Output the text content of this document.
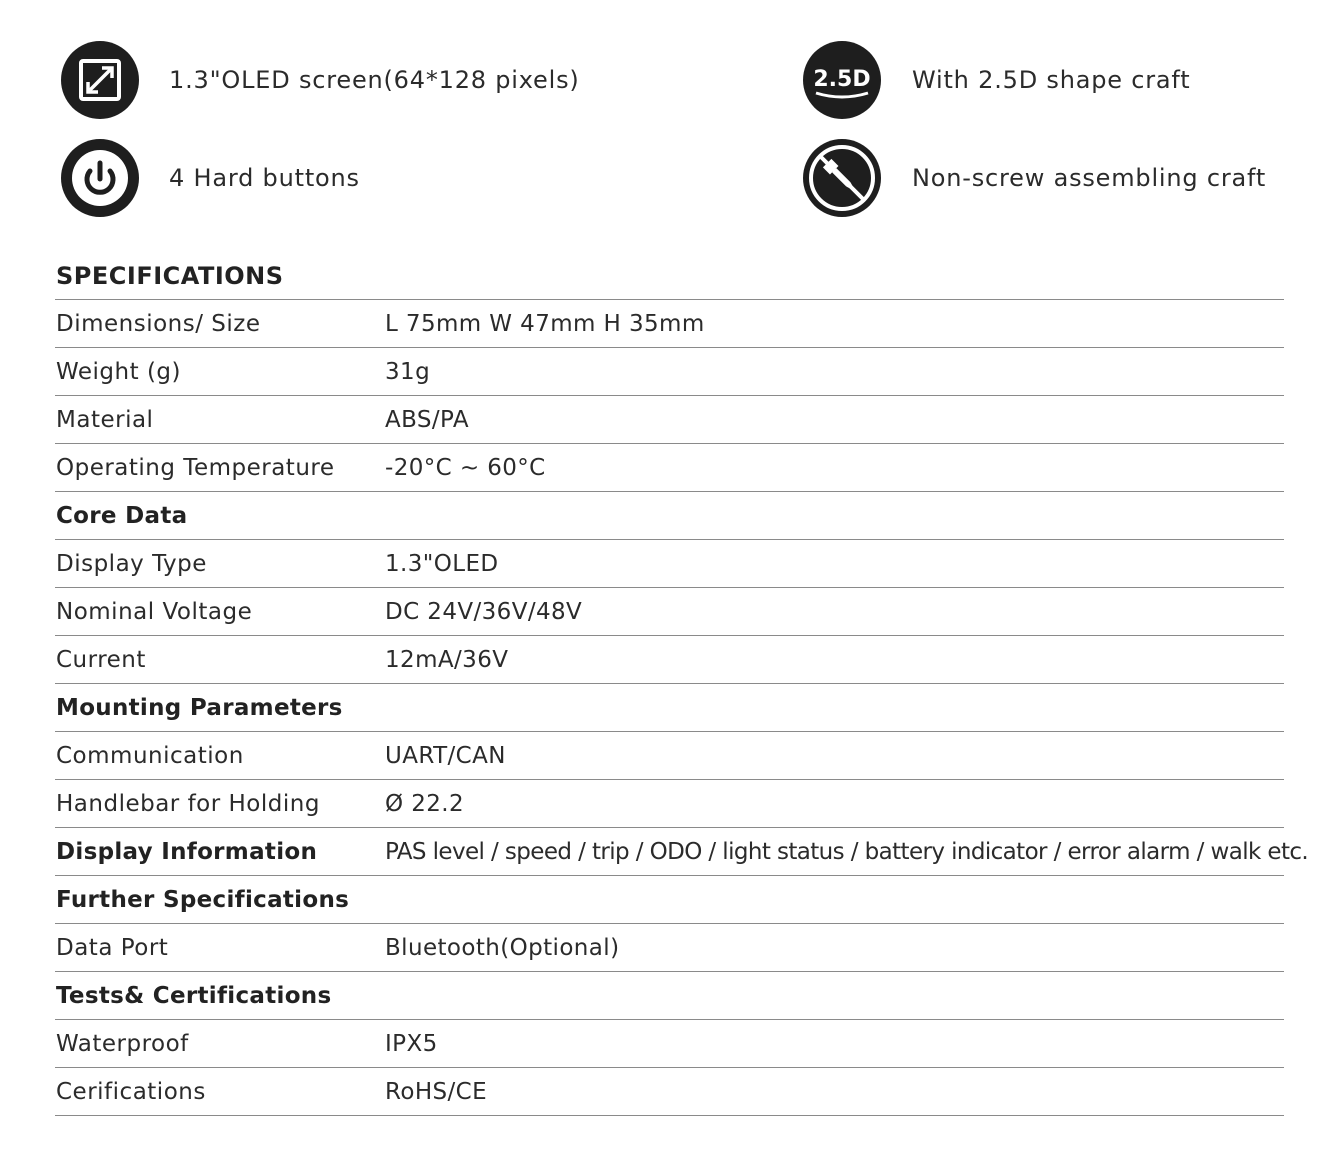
1.3"OLED screen(64*128 pixels)
4 Hard buttons
2.5D With 2.5D shape craft
Non-screw assembling craft
SPECIFICATIONS
Dimensions/ Size	L 75mm W 47mm H 35mm
Weight (g)	31g
Material	ABS/PA
Operating Temperature -20°C ~ 60°C
Core Data
Display Type	1.3"OLED
Nominal Voltage	DC 24V/36V/48V
Current	12mA/36V
Mounting Parameters
Communication	UART/CAN
Handlebar for Holding	Ø 22.2
Display Information	PAS level / speed / trip / ODO / light status / battery indicator / error alarm / walk etc.
Further Specifications
Data Port	Bluetooth(Optional)
Tests& Certifications
Waterproof	IPX5
Cerifications	RoHS/CE
